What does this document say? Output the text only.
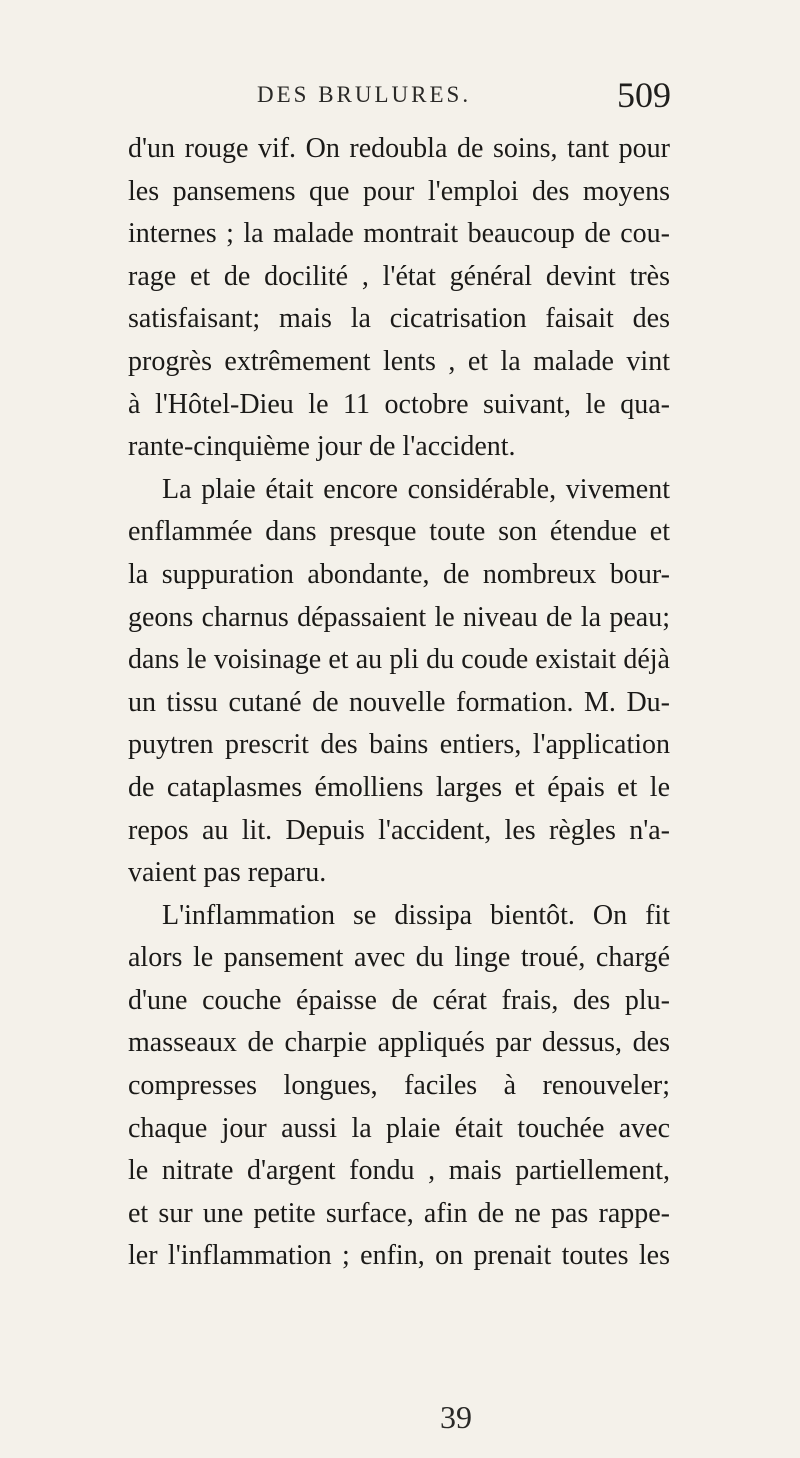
DES BRULURES.	509
d'un rouge vif. On redoubla de soins, tant pour
les pansemens que pour l'emploi des moyens
internes ; la malade montrait beaucoup de cou-
rage et de docilité , l'état général devint très
satisfaisant; mais la cicatrisation faisait des
progrès extrêmement lents , et la malade vint
à l'Hôtel-Dieu le 11 octobre suivant, le qua-
rante-cinquième jour de l'accident.
La plaie était encore considérable, vivement
enflammée dans presque toute son étendue et
la suppuration abondante, de nombreux bour-
geons charnus dépassaient le niveau de la peau;
dans le voisinage et au pli du coude existait déjà
un tissu cutané de nouvelle formation. M. Du-
puytren prescrit des bains entiers, l'application
de cataplasmes émolliens larges et épais et le
repos au lit. Depuis l'accident, les règles n'a-
vaient pas reparu.
L'inflammation se dissipa bientôt. On fit
alors le pansement avec du linge troué, chargé
d'une couche épaisse de cérat frais, des plu-
masseaux de charpie appliqués par dessus, des
compresses longues, faciles à renouveler;
chaque jour aussi la plaie était touchée avec
le nitrate d'argent fondu , mais partiellement,
et sur une petite surface, afin de ne pas rappe-
ler l'inflammation ; enfin, on prenait toutes les
39
